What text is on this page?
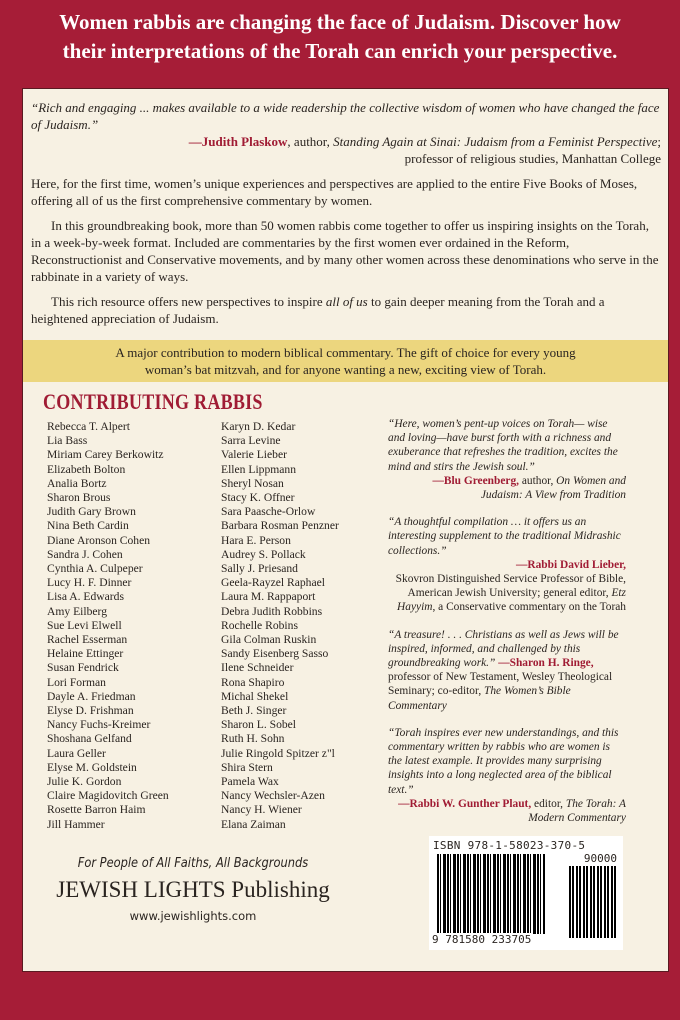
Women rabbis are changing the face of Judaism. Discover how
their interpretations of the Torah can enrich your perspective.

“Rich and engaging ... makes available to a wide readership the collective wisdom of women who have changed the face of Judaism.”

—Judith Plaskow, author, Standing Again at Sinai: Judaism from a Feminist Perspective;

professor of religious studies, Manhattan College

Here, for the first time, women’s unique experiences and perspectives are applied to the entire Five Books of Moses, offering all of us the first comprehensive commentary by women.

In this groundbreaking book, more than 50 women rabbis come together to offer us inspiring insights on the Torah, in a week-by-week format. Included are commentaries by the first women ever ordained in the Reform, Reconstructionist and Conservative movements, and by many other women across these denominations who serve in the rabbinate in a variety of ways.

This rich resource offers new perspectives to inspire all of us to gain deeper meaning from the Torah and a heightened appreciation of Judaism.

A major contribution to modern biblical commentary. The gift of choice for every young
woman’s bat mitzvah, and for anyone wanting a new, exciting view of Torah.
CONTRIBUTING RABBIS
Rebecca T. Alpert
Lia Bass
Miriam Carey Berkowitz
Elizabeth Bolton
Analia Bortz
Sharon Brous
Judith Gary Brown
Nina Beth Cardin
Diane Aronson Cohen
Sandra J. Cohen
Cynthia A. Culpeper
Lucy H. F. Dinner
Lisa A. Edwards
Amy Eilberg
Sue Levi Elwell
Rachel Esserman
Helaine Ettinger
Susan Fendrick
Lori Forman
Dayle A. Friedman
Elyse D. Frishman
Nancy Fuchs-Kreimer
Shoshana Gelfand
Laura Geller
Elyse M. Goldstein
Julie K. Gordon
Claire Magidovitch Green
Rosette Barron Haim
Jill Hammer
Karyn D. Kedar
Sarra Levine
Valerie Lieber
Ellen Lippmann
Sheryl Nosan
Stacy K. Offner
Sara Paasche-Orlow
Barbara Rosman Penzner
Hara E. Person
Audrey S. Pollack
Sally J. Priesand
Geela-Rayzel Raphael
Laura M. Rappaport
Debra Judith Robbins
Rochelle Robins
Gila Colman Ruskin
Sandy Eisenberg Sasso
Ilene Schneider
Rona Shapiro
Michal Shekel
Beth J. Singer
Sharon L. Sobel
Ruth H. Sohn
Julie Ringold Spitzer z"l
Shira Stern
Pamela Wax
Nancy Wechsler-Azen
Nancy H. Wiener
Elana Zaiman
“Here, women’s pent-up voices on Torah— wise and loving—have burst forth with a richness and exuberance that refreshes the tradition, excites the mind and stirs the Jewish soul.”
—Blu Greenberg, author, On Women and Judaism: A View from Tradition
“A thoughtful compilation … it offers us an interesting supplement to the traditional Midrashic collections.”
—Rabbi David Lieber,
Skovron Distinguished Service Professor of Bible, American Jewish University; general editor, Etz Hayyim, a Conservative commentary on the Torah
“A treasure! . . . Christians as well as Jews will be inspired, informed, and challenged by this groundbreaking work.” —Sharon H. Ringe, professor of New Testament, Wesley Theological Seminary; co-editor, The Women’s Bible Commentary
“Torah inspires ever new understandings, and this commentary written by rabbis who are women is the latest example. It provides many surprising insights into a long neglected area of the biblical text.”
—Rabbi W. Gunther Plaut, editor, The Torah: A Modern Commentary
For People of All Faiths, All Backgrounds
JEWISH LIGHTS Publishing
www.jewishlights.com
ISBN 978-1-58023-370-5
90000
9 781580 233705
